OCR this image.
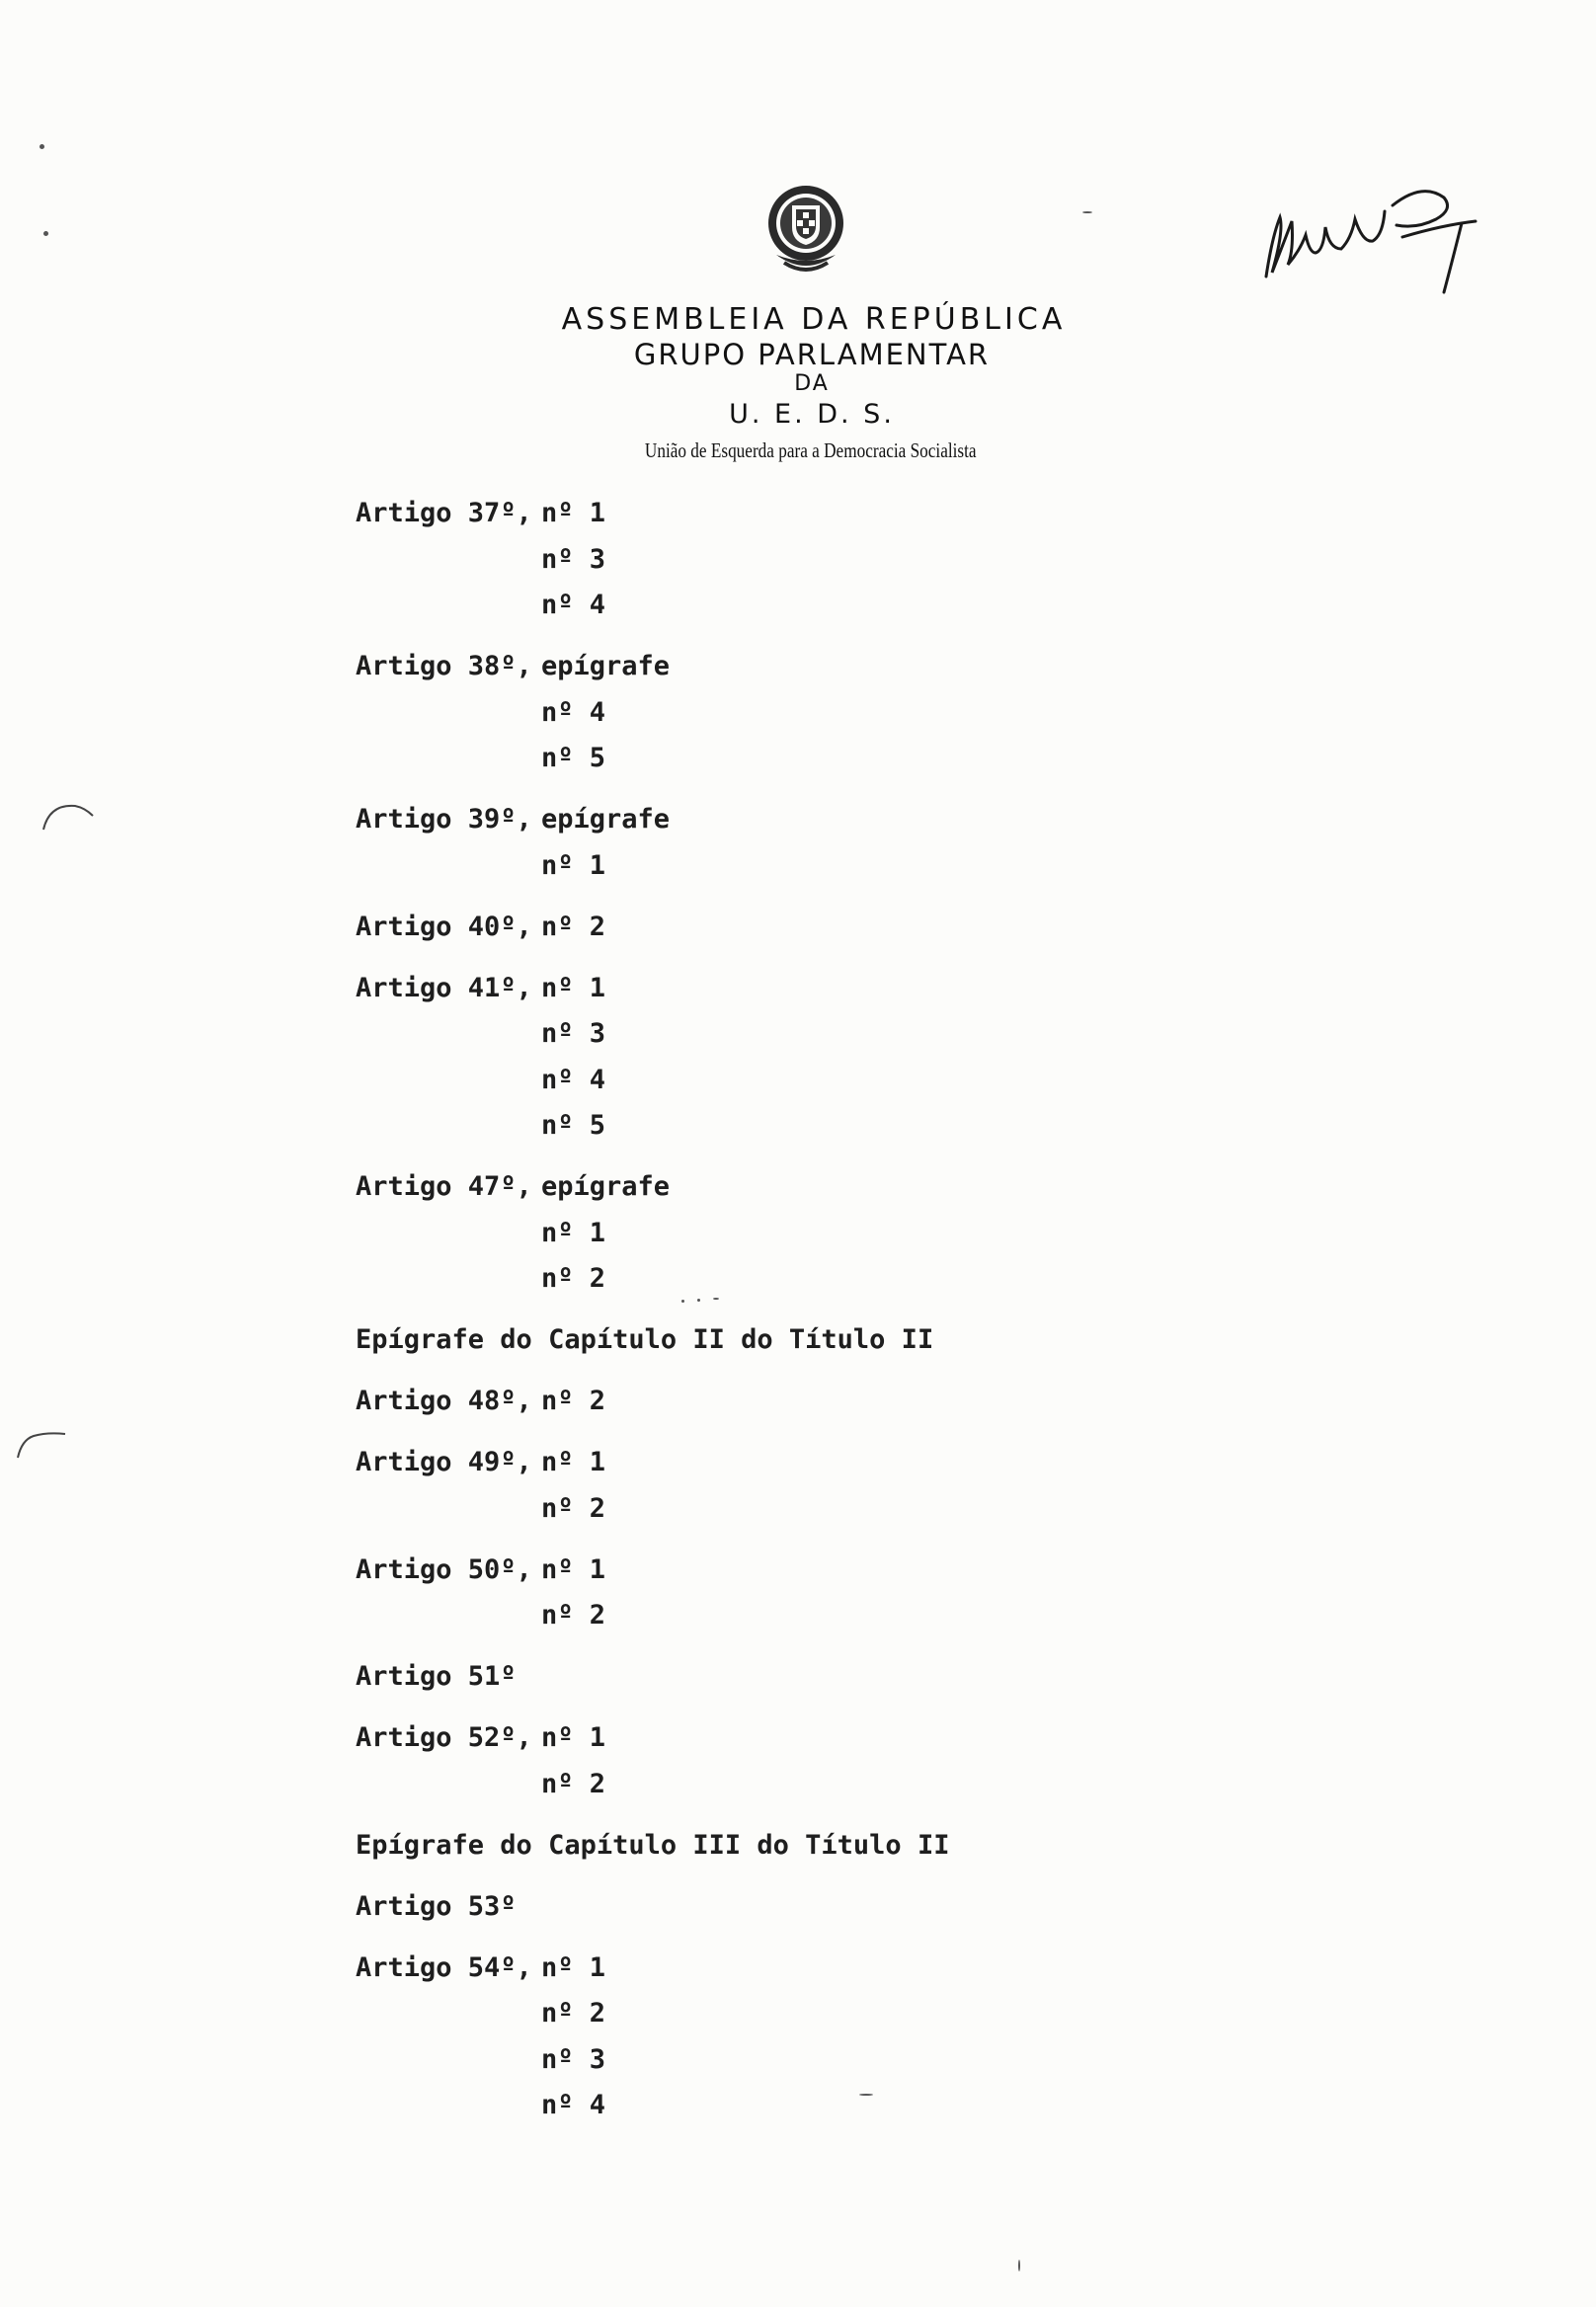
ASSEMBLEIA DA REPÚBLICA
GRUPO PARLAMENTAR
DA
U. E. D. S.
União de Esquerda para a Democracia Socialista
Artigo 37º, nº 1
nº 3
nº 4
Artigo 38º, epígrafe
nº 4
nº 5
Artigo 39º, epígrafe
nº 1
Artigo 40º, nº 2
Artigo 41º, nº 1
nº 3
nº 4
nº 5
Artigo 47º, epígrafe
nº 1
nº 2
Epígrafe do Capítulo II do Título II
Artigo 48º, nº 2
Artigo 49º, nº 1
nº 2
Artigo 50º, nº 1
nº 2
Artigo 51º
Artigo 52º, nº 1
nº 2
Epígrafe do Capítulo III do Título II
Artigo 53º
Artigo 54º, nº 1
nº 2
nº 3
nº 4
